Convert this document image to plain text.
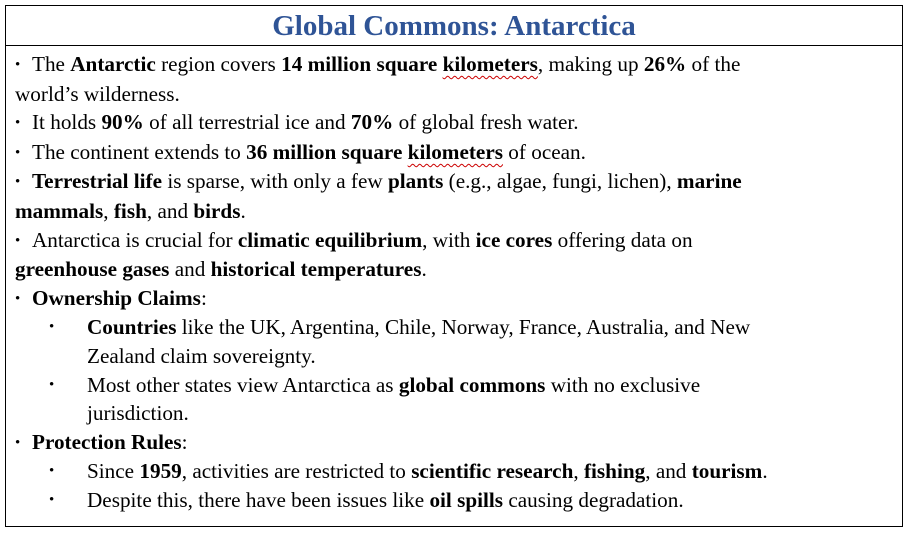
Global Commons: Antarctica
• The Antarctic region covers 14 million square kilometers, making up 26% of the
world’s wilderness.
• It holds 90% of all terrestrial ice and 70% of global fresh water.
• The continent extends to 36 million square kilometers of ocean.
• Terrestrial life is sparse, with only a few plants (e.g., algae, fungi, lichen), marine
mammals, fish, and birds.
• Antarctica is crucial for climatic equilibrium, with ice cores offering data on
greenhouse gases and historical temperatures.
• Ownership Claims:
• Countries like the UK, Argentina, Chile, Norway, France, Australia, and New
Zealand claim sovereignty.
• Most other states view Antarctica as global commons with no exclusive
jurisdiction.
• Protection Rules:
• Since 1959, activities are restricted to scientific research, fishing, and tourism.
• Despite this, there have been issues like oil spills causing degradation.
